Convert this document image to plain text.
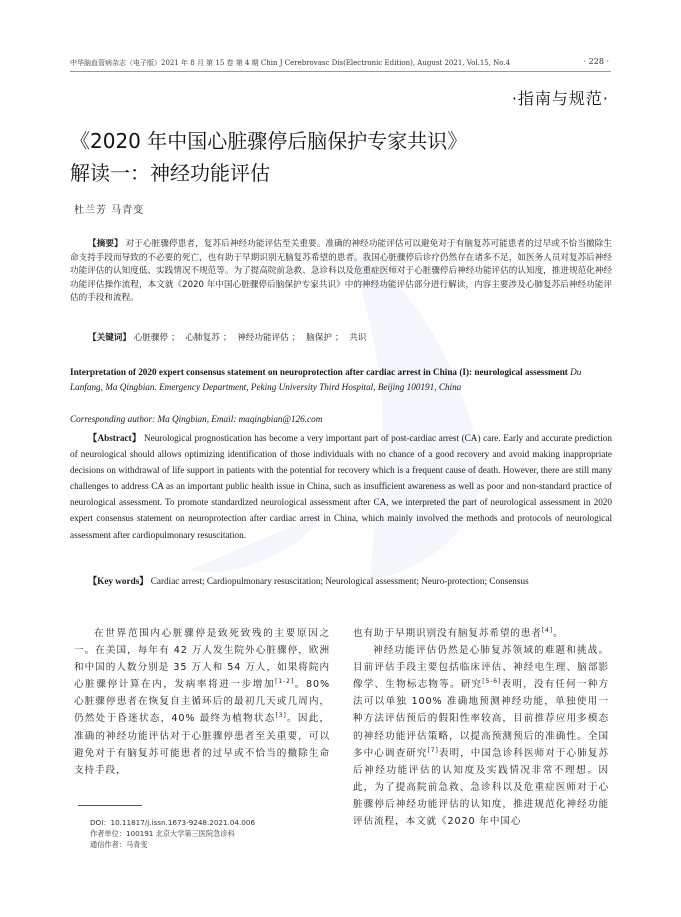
中华脑血管病杂志（电子版）2021 年 8 月 第 15 卷 第 4 期 Chin J Cerebrovasc Dis(Electronic Edition), August 2021, Vol.15, No.4	· 228 ·
·指南与规范·
《2020 年中国心脏骤停后脑保护专家共识》
解读一：神经功能评估
杜兰芳 马青变
【摘要】 对于心脏骤停患者，复苏后神经功能评估至关重要。准确的神经功能评估可以避免对于有脑复苏可能患者的过早或不恰当撤除生命支持手段而导致的不必要的死亡，也有助于早期识别无脑复苏希望的患者。我国心脏骤停后诊疗仍然存在诸多不足，如医务人员对复苏后神经功能评估的认知度低、实践情况不规范等。为了提高院前急救、急诊科以及危重症医师对于心脏骤停后神经功能评估的认知度，推进规范化神经功能评估操作流程，本文就《2020 年中国心脏骤停后脑保护专家共识》中的神经功能评估部分进行解读，内容主要涉及心肺复苏后神经功能评估的手段和流程。
【关键词】 心脏骤停 ； 心肺复苏 ； 神经功能评估 ； 脑保护 ； 共识
Interpretation of 2020 expert consensus statement on neuroprotection after cardiac arrest in China (I): neurological assessment Du Lanfang, Ma Qingbian. Emergency Department, Peking University Third Hospital, Beijing 100191, China
Corresponding author: Ma Qingbian, Email: maqingbian@126.com
【Abstract】 Neurological prognostication has become a very important part of post-cardiac arrest (CA) care. Early and accurate prediction of neurological should allows optimizing identification of those individuals with no chance of a good recovery and avoid making inappropriate decisions on withdrawal of life support in patients with the potential for recovery which is a frequent cause of death. However, there are still many challenges to address CA as an important public health issue in China, such as insufficient awareness as well as poor and non-standard practice of neurological assessment. To promote standardized neurological assessment after CA, we interpreted the part of neurological assessment in 2020 expert consensus statement on neuroprotection after cardiac arrest in China, which mainly involved the methods and protocols of neurological assessment after cardiopulmonary resuscitation.
【Key words】 Cardiac arrest; Cardiopulmonary resuscitation; Neurological assessment; Neuro-protection; Consensus
在世界范围内心脏骤停是致死致残的主要原因之一。在美国，每年有 42 万人发生院外心脏骤停，欧洲和中国的人数分别是 35 万人和 54 万人，如果将院内心脏骤停计算在内，发病率将进一步增加[1-2]。80% 心脏骤停患者在恢复自主循环后的最初几天或几周内，仍然处于昏迷状态，40% 最终为植物状态[3]。因此，准确的神经功能评估对于心脏骤停患者至关重要，可以避免对于有脑复苏可能患者的过早或不恰当的撤除生命支持手段，

也有助于早期识别没有脑复苏希望的患者[4]。

神经功能评估仍然是心肺复苏领域的难题和挑战。目前评估手段主要包括临床评估、神经电生理、脑部影像学、生物标志物等。研究[5-6]表明，没有任何一种方法可以单独 100% 准确地预测神经功能，单独使用一种方法评估预后的假阳性率较高，目前推荐应用多模态的神经功能评估策略，以提高预测预后的准确性。全国多中心调查研究[7]表明，中国急诊科医师对于心肺复苏后神经功能评估的认知度及实践情况非常不理想。因此，为了提高院前急救、急诊科以及危重症医师对于心脏骤停后神经功能评估的认知度，推进规范化神经功能评估流程，本文就《2020 年中国心

DOI：10.11817/j.issn.1673-9248.2021.04.006
作者单位：100191 北京大学第三医院急诊科
通信作者：马青变
